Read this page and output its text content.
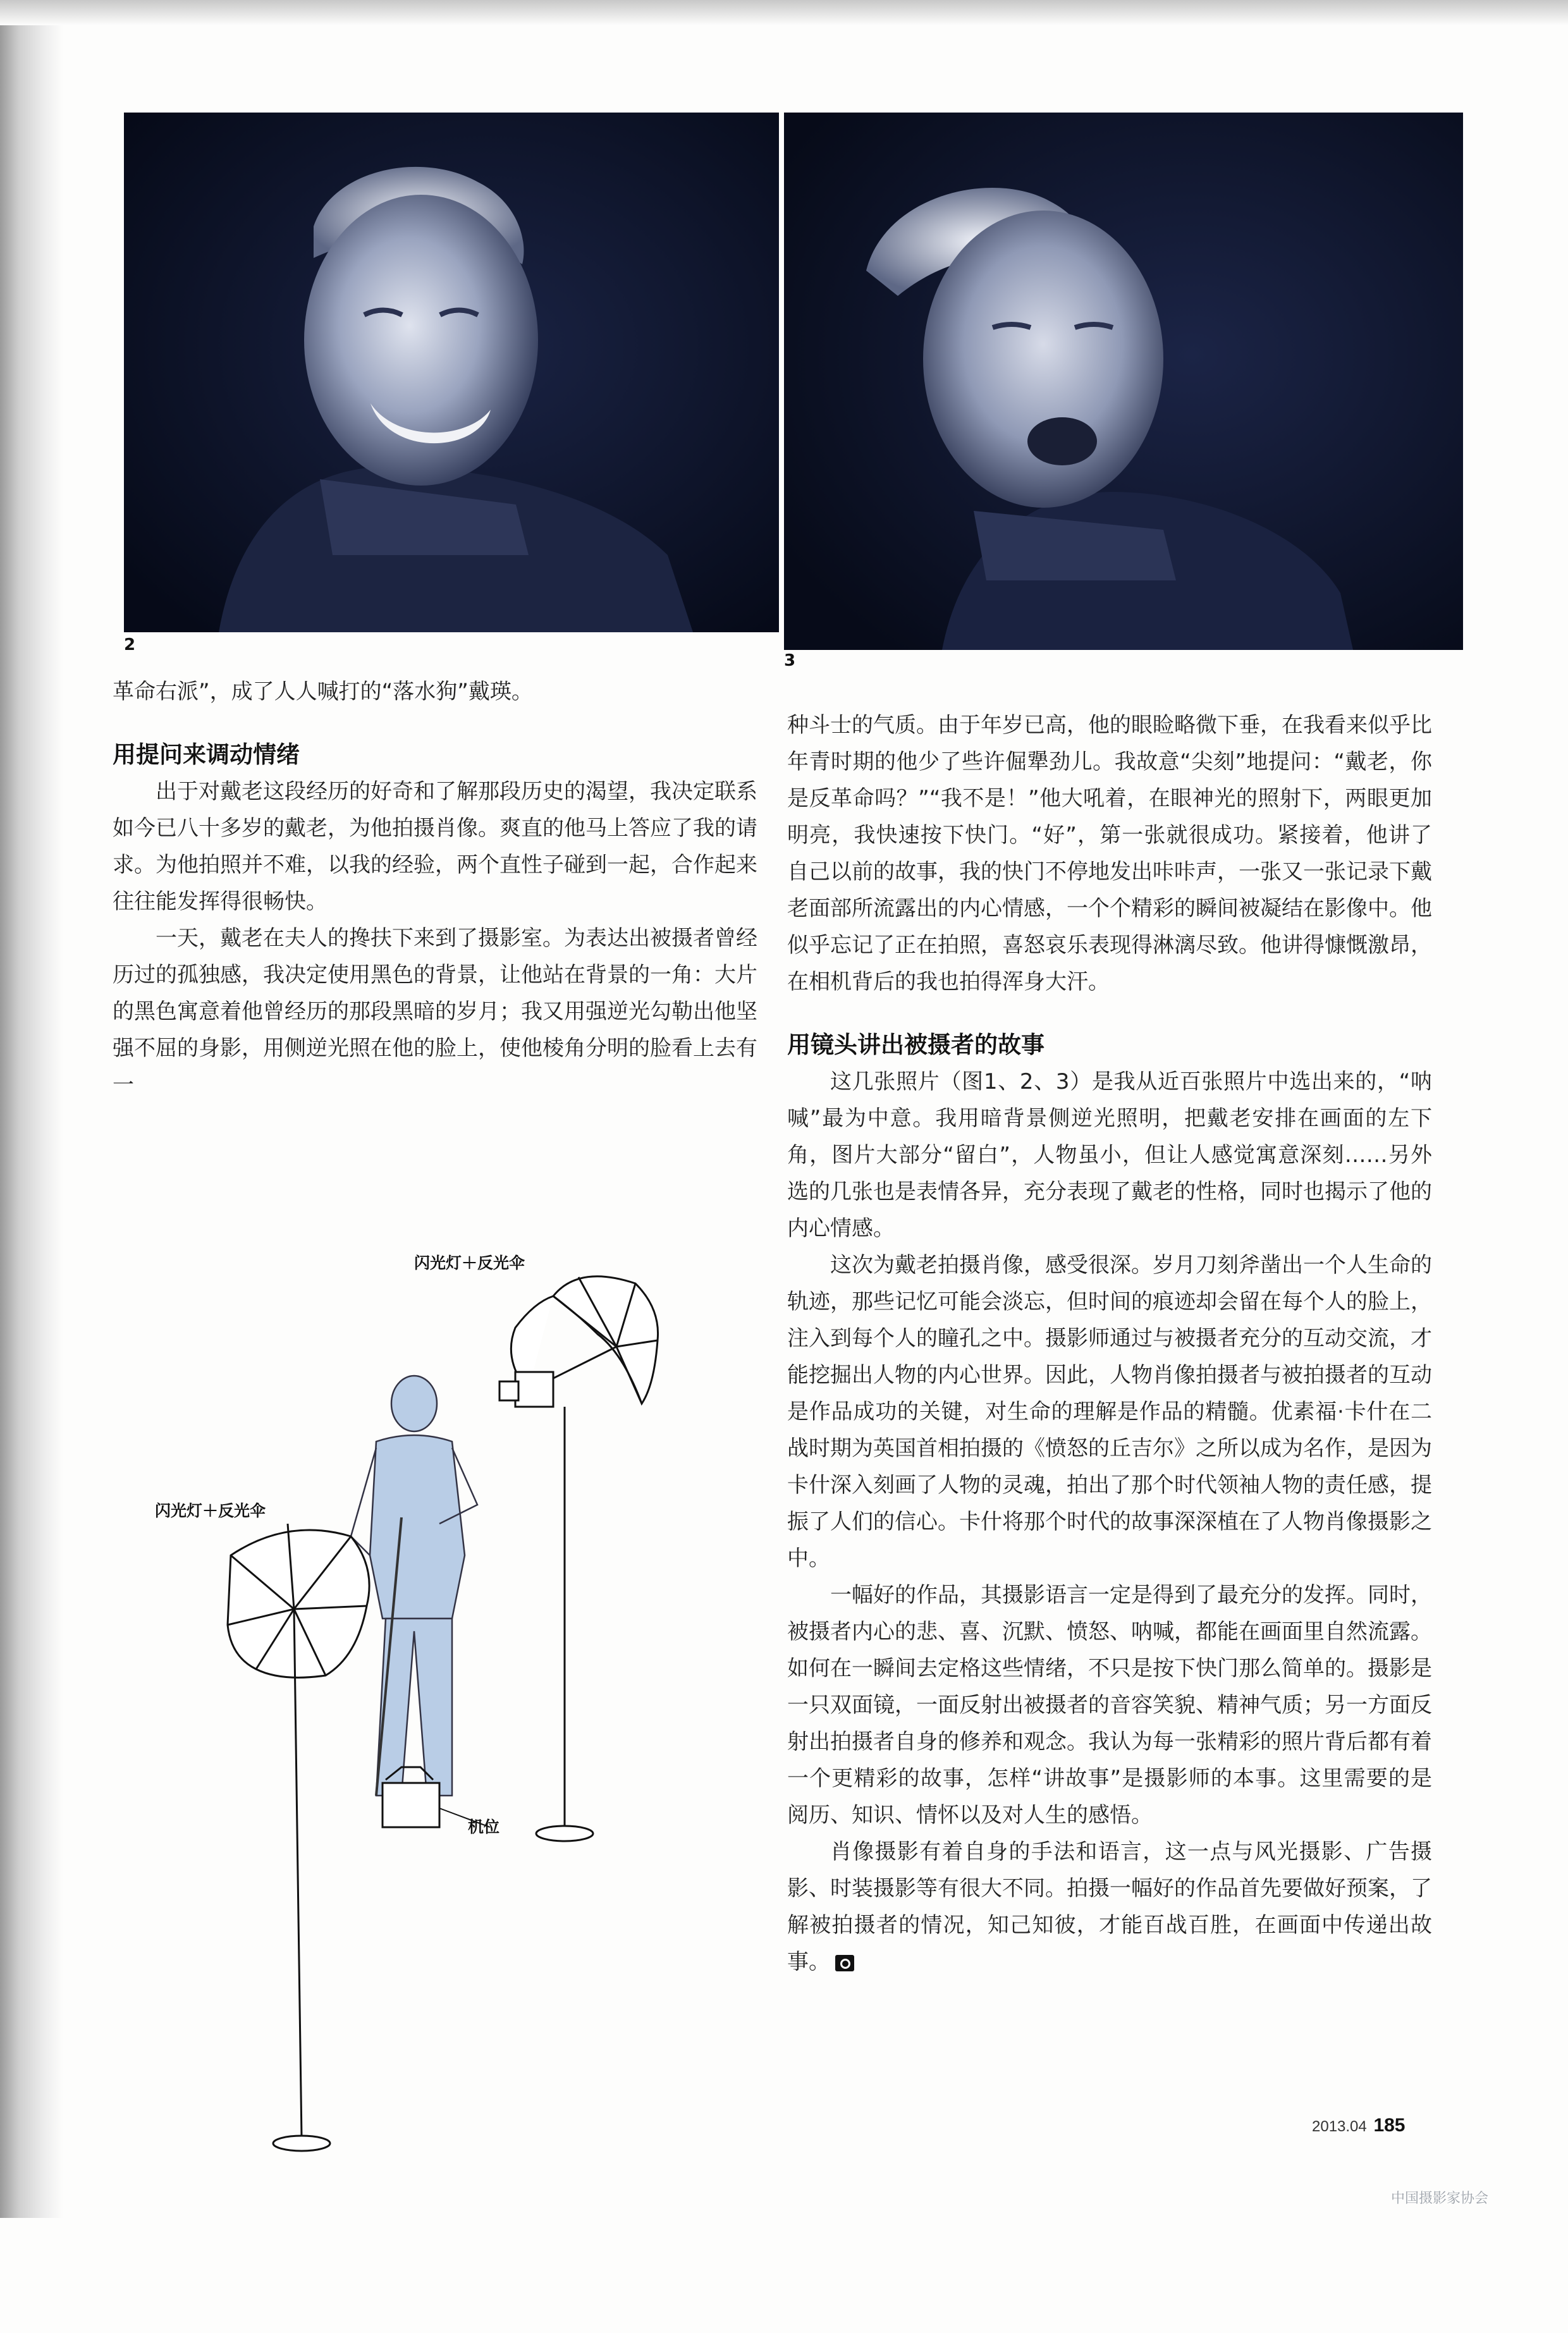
2
3

革命右派”，成了人人喊打的“落水狗”戴瑛。

用提问来调动情绪

出于对戴老这段经历的好奇和了解那段历史的渴望，我决定联系如今已八十多岁的戴老，为他拍摄肖像。爽直的他马上答应了我的请求。为他拍照并不难，以我的经验，两个直性子碰到一起，合作起来往往能发挥得很畅快。

一天，戴老在夫人的搀扶下来到了摄影室。为表达出被摄者曾经历过的孤独感，我决定使用黑色的背景，让他站在背景的一角：大片的黑色寓意着他曾经历的那段黑暗的岁月；我又用强逆光勾勒出他坚强不屈的身影，用侧逆光照在他的脸上，使他棱角分明的脸看上去有一

种斗士的气质。由于年岁已高，他的眼睑略微下垂，在我看来似乎比年青时期的他少了些许倔犟劲儿。我故意“尖刻”地提问：“戴老，你是反革命吗？”“我不是！”他大吼着，在眼神光的照射下，两眼更加明亮，我快速按下快门。“好”，第一张就很成功。紧接着，他讲了自己以前的故事，我的快门不停地发出咔咔声，一张又一张记录下戴老面部所流露出的内心情感，一个个精彩的瞬间被凝结在影像中。他似乎忘记了正在拍照，喜怒哀乐表现得淋漓尽致。他讲得慷慨激昂，在相机背后的我也拍得浑身大汗。

用镜头讲出被摄者的故事

这几张照片（图1、2、3）是我从近百张照片中选出来的，“呐喊”最为中意。我用暗背景侧逆光照明，把戴老安排在画面的左下角，图片大部分“留白”，人物虽小，但让人感觉寓意深刻……另外选的几张也是表情各异，充分表现了戴老的性格，同时也揭示了他的内心情感。

这次为戴老拍摄肖像，感受很深。岁月刀刻斧凿出一个人生命的轨迹，那些记忆可能会淡忘，但时间的痕迹却会留在每个人的脸上，注入到每个人的瞳孔之中。摄影师通过与被摄者充分的互动交流，才能挖掘出人物的内心世界。因此，人物肖像拍摄者与被拍摄者的互动是作品成功的关键，对生命的理解是作品的精髓。优素福·卡什在二战时期为英国首相拍摄的《愤怒的丘吉尔》之所以成为名作，是因为卡什深入刻画了人物的灵魂，拍出了那个时代领袖人物的责任感，提振了人们的信心。卡什将那个时代的故事深深植在了人物肖像摄影之中。

一幅好的作品，其摄影语言一定是得到了最充分的发挥。同时，被摄者内心的悲、喜、沉默、愤怒、呐喊，都能在画面里自然流露。如何在一瞬间去定格这些情绪，不只是按下快门那么简单的。摄影是一只双面镜，一面反射出被摄者的音容笑貌、精神气质；另一方面反射出拍摄者自身的修养和观念。我认为每一张精彩的照片背后都有着一个更精彩的故事，怎样“讲故事”是摄影师的本事。这里需要的是阅历、知识、情怀以及对人生的感悟。

肖像摄影有着自身的手法和语言，这一点与风光摄影、广告摄影、时装摄影等有很大不同。拍摄一幅好的作品首先要做好预案，了解被拍摄者的情况，知己知彼，才能百战百胜，在画面中传递出故事。

闪光灯＋反光伞
闪光灯＋反光伞
机位
2013.04 185
中国摄影家协会
